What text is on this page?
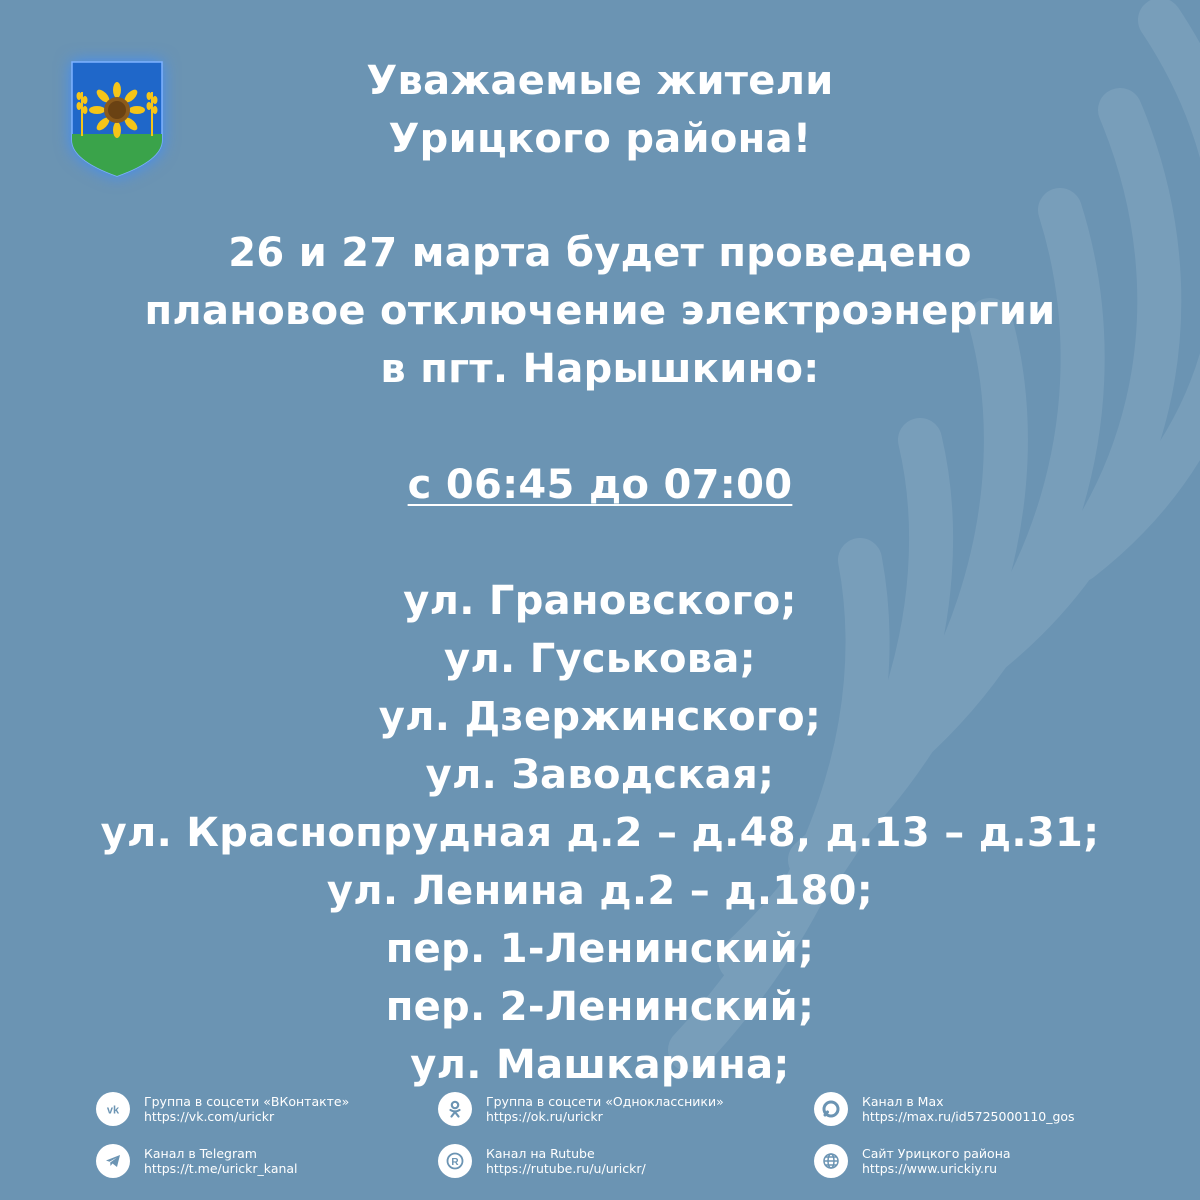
Уважаемые жители
Урицкого района!
26 и 27 марта будет проведено
плановое отключение электроэнергии
в пгт. Нарышкино:
с 06:45 до 07:00
ул. Грановского;
ул. Гуськова;
ул. Дзержинского;
ул. Заводская;
ул. Краснопрудная д.2 – д.48, д.13 – д.31;
ул. Ленина д.2 – д.180;
пер. 1-Ленинский;
пер. 2-Ленинский;
ул. Машкарина;
vk
Группа в соцсети «ВКонтакте»
https://vk.com/urickr
Группа в соцсети «Одноклассники»
https://ok.ru/urickr
Канал в Max
https://max.ru/id5725000110_gos
Канал в Telegram
https://t.me/urickr_kanal	R
Канал на Rutube
https://rutube.ru/u/urickr/
Сайт Урицкого района
https://www.urickiy.ru
